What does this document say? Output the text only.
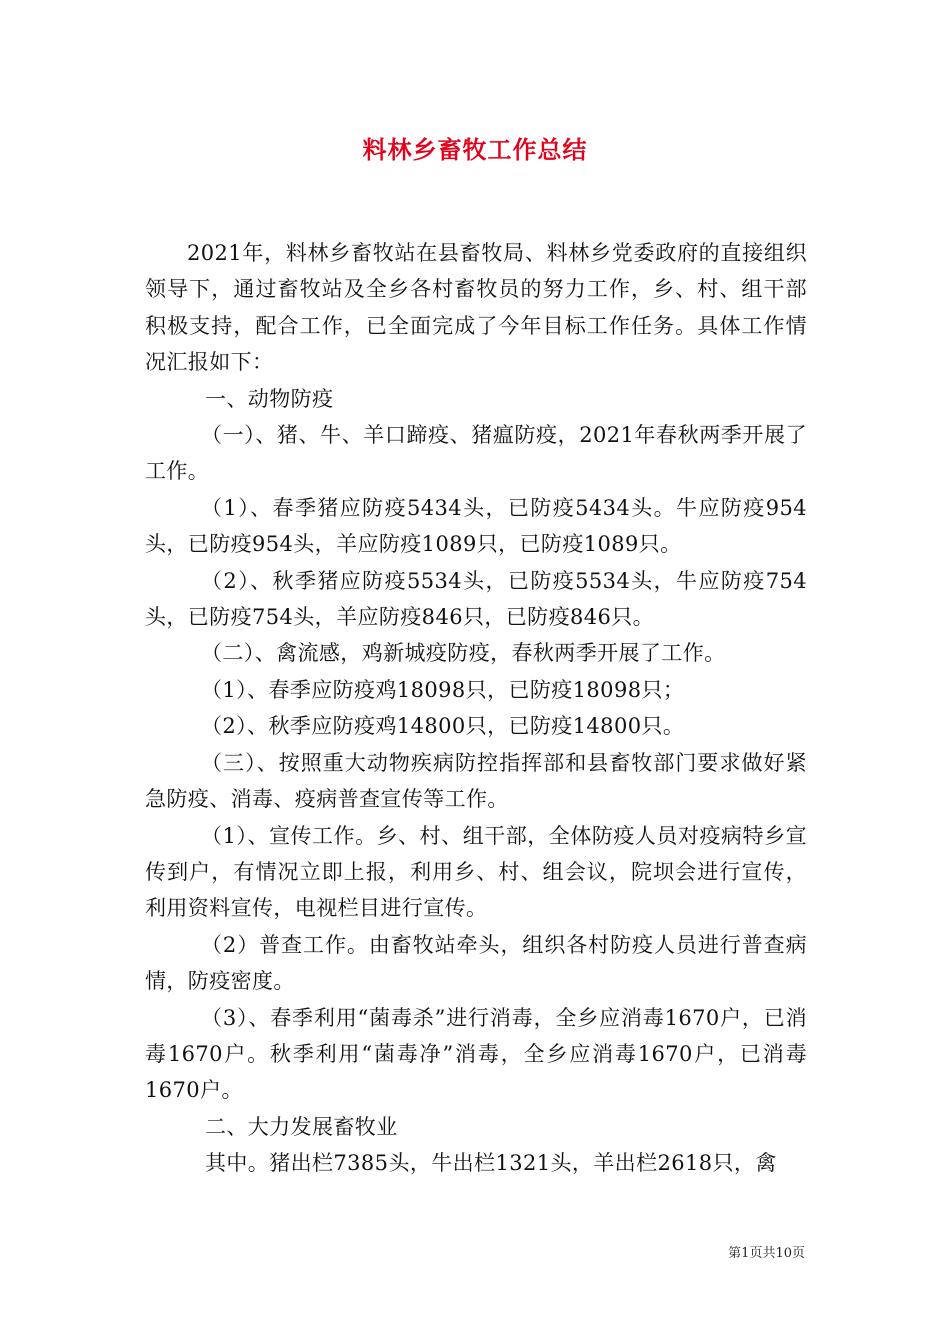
料林乡畜牧工作总结

2021年，料林乡畜牧站在县畜牧局、料林乡党委政府的直接组织领导下，通过畜牧站及全乡各村畜牧员的努力工作，乡、村、组干部积极支持，配合工作，已全面完成了今年目标工作任务。具体工作情况汇报如下：

一、动物防疫

（一）、猪、牛、羊口蹄疫、猪瘟防疫，2021年春秋两季开展了工作。

（1）、春季猪应防疫5434头，已防疫5434头。牛应防疫954头，已防疫954头，羊应防疫1089只，已防疫1089只。

（2）、秋季猪应防疫5534头，已防疫5534头，牛应防疫754头，已防疫754头，羊应防疫846只，已防疫846只。

（二）、禽流感，鸡新城疫防疫，春秋两季开展了工作。

（1）、春季应防疫鸡18098只，已防疫18098只；

（2）、秋季应防疫鸡14800只，已防疫14800只。

（三）、按照重大动物疾病防控指挥部和县畜牧部门要求做好紧急防疫、消毒、疫病普查宣传等工作。

（1）、宣传工作。乡、村、组干部，全体防疫人员对疫病特乡宣传到户，有情况立即上报，利用乡、村、组会议，院坝会进行宣传，利用资料宣传，电视栏目进行宣传。

（2）普查工作。由畜牧站牵头，组织各村防疫人员进行普查病情，防疫密度。

（3）、春季利用“菌毒杀”进行消毒，全乡应消毒1670户，已消毒1670户。秋季利用“菌毒净”消毒，全乡应消毒1670户，已消毒1670户。

二、大力发展畜牧业

其中。猪出栏7385头，牛出栏1321头，羊出栏2618只，禽

第1页共10页
